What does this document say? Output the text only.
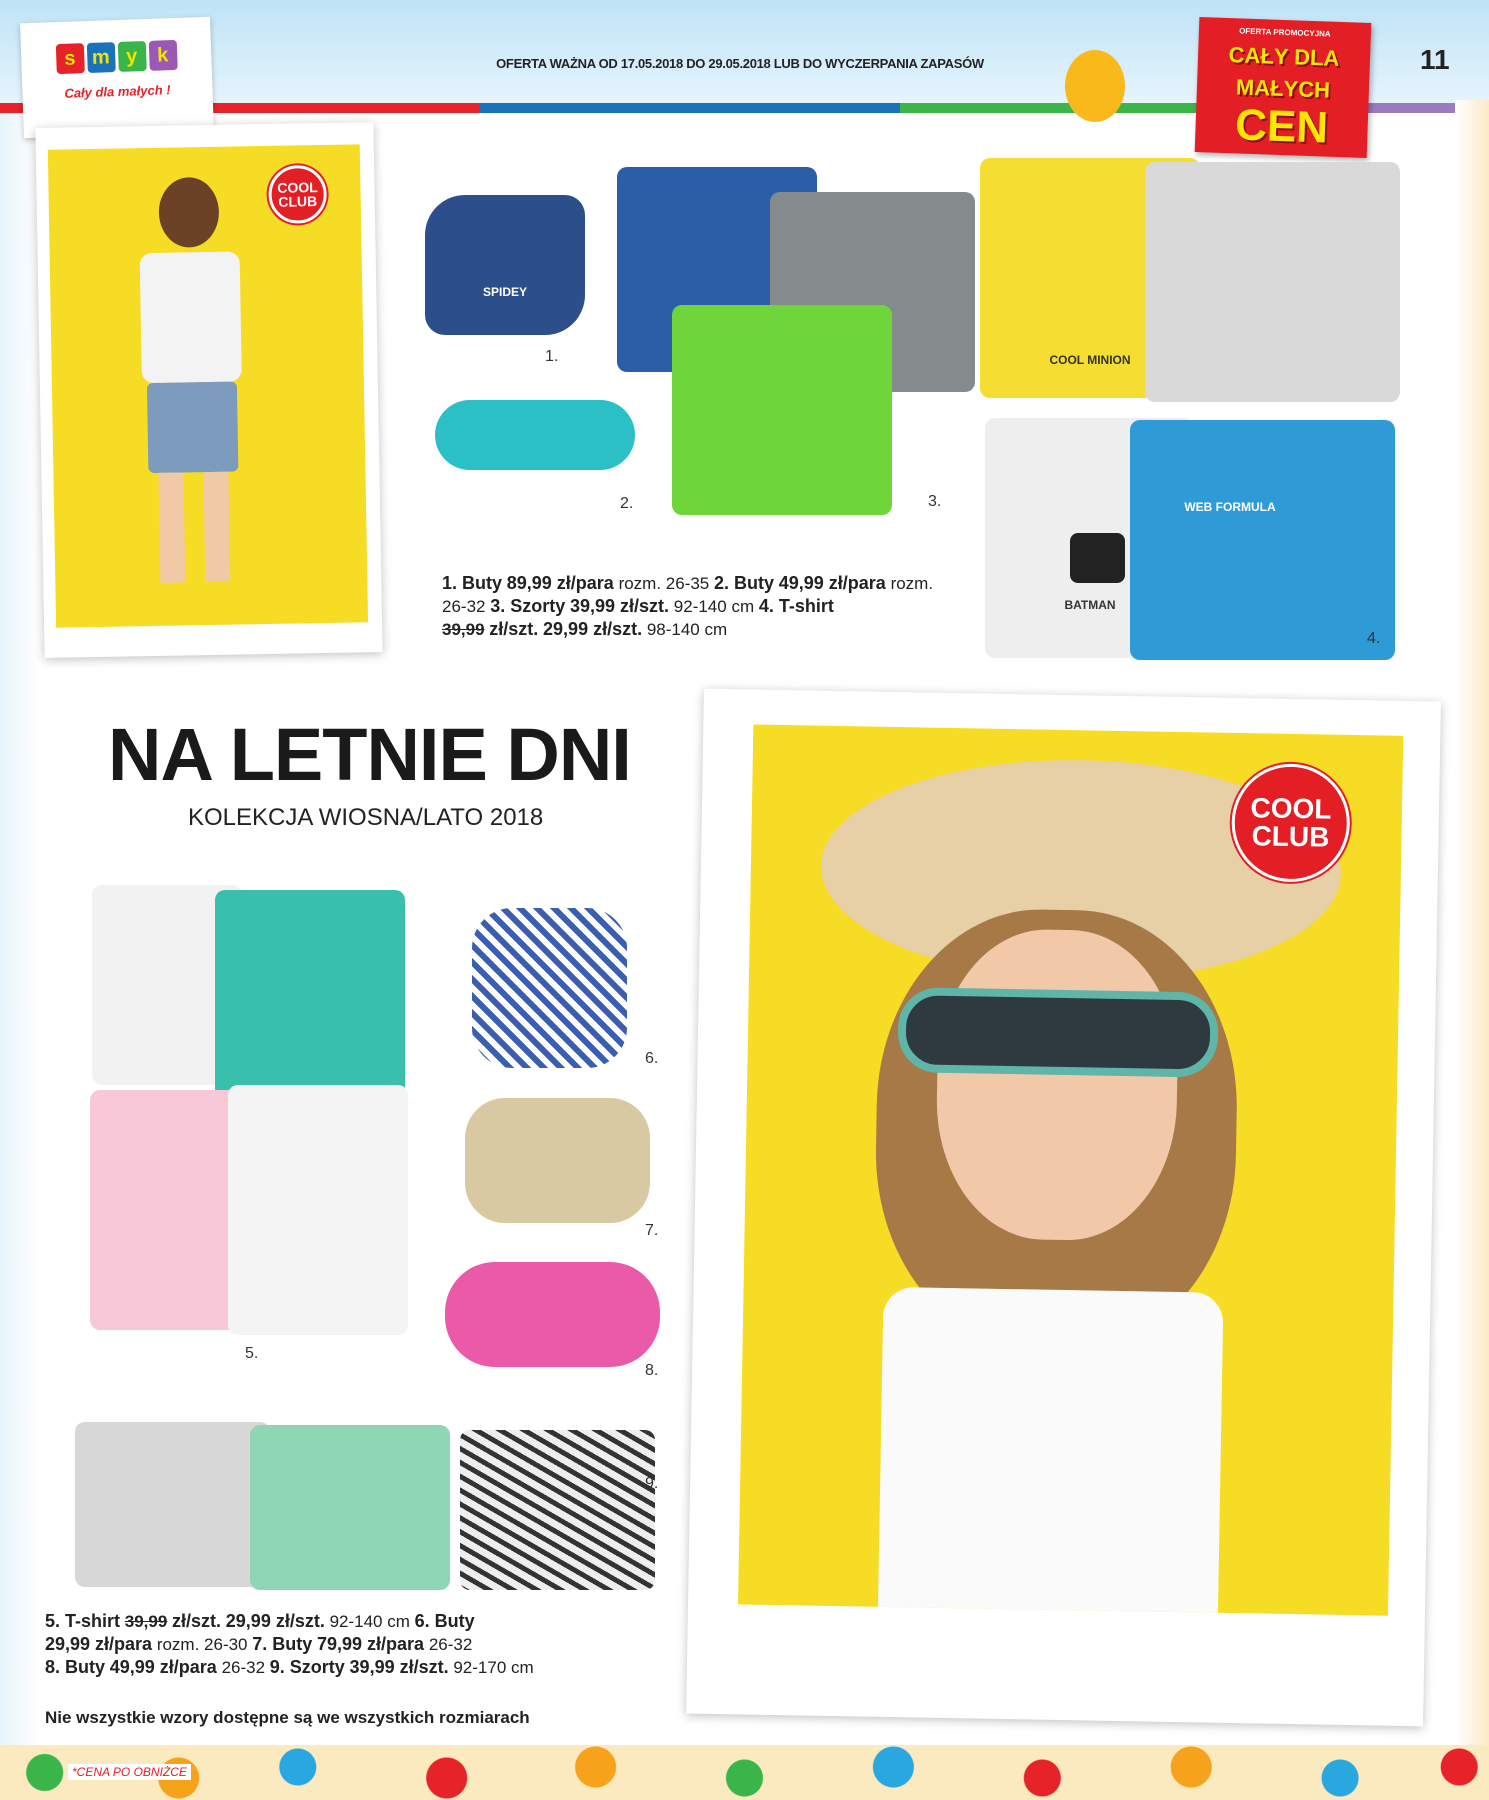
s m y k
Cały dla małych !
OFERTA WAŻNA OD 17.05.2018 DO 29.05.2018 LUB DO WYCZERPANIA ZAPASÓW
OFERTA PROMOCYJNA
CAŁY DLA MAŁYCH
CEN
11
COOL
CLUB
SPIDEY
1.
2.	3.
COOL MINION
BATMAN
WEB FORMULA
4.
1. Buty 89,99 zł/para rozm. 26-35 2. Buty 49,99 zł/para rozm. 26-32 3. Szorty 39,99 zł/szt. 92-140 cm 4. T-shirt
39,99 zł/szt. 29,99 zł/szt. 98-140 cm
NA LETNIE DNI
KOLEKCJA WIOSNA/LATO 2018
5.
6.
7.
8.
9.
COOL
CLUB
5. T-shirt 39,99 zł/szt. 29,99 zł/szt. 92-140 cm 6. Buty
29,99 zł/para rozm. 26-30 7. Buty 79,99 zł/para 26-32
8. Buty 49,99 zł/para 26-32 9. Szorty 39,99 zł/szt. 92-170 cm
Nie wszystkie wzory dostępne są we wszystkich rozmiarach
*CENA PO OBNIŻCE
